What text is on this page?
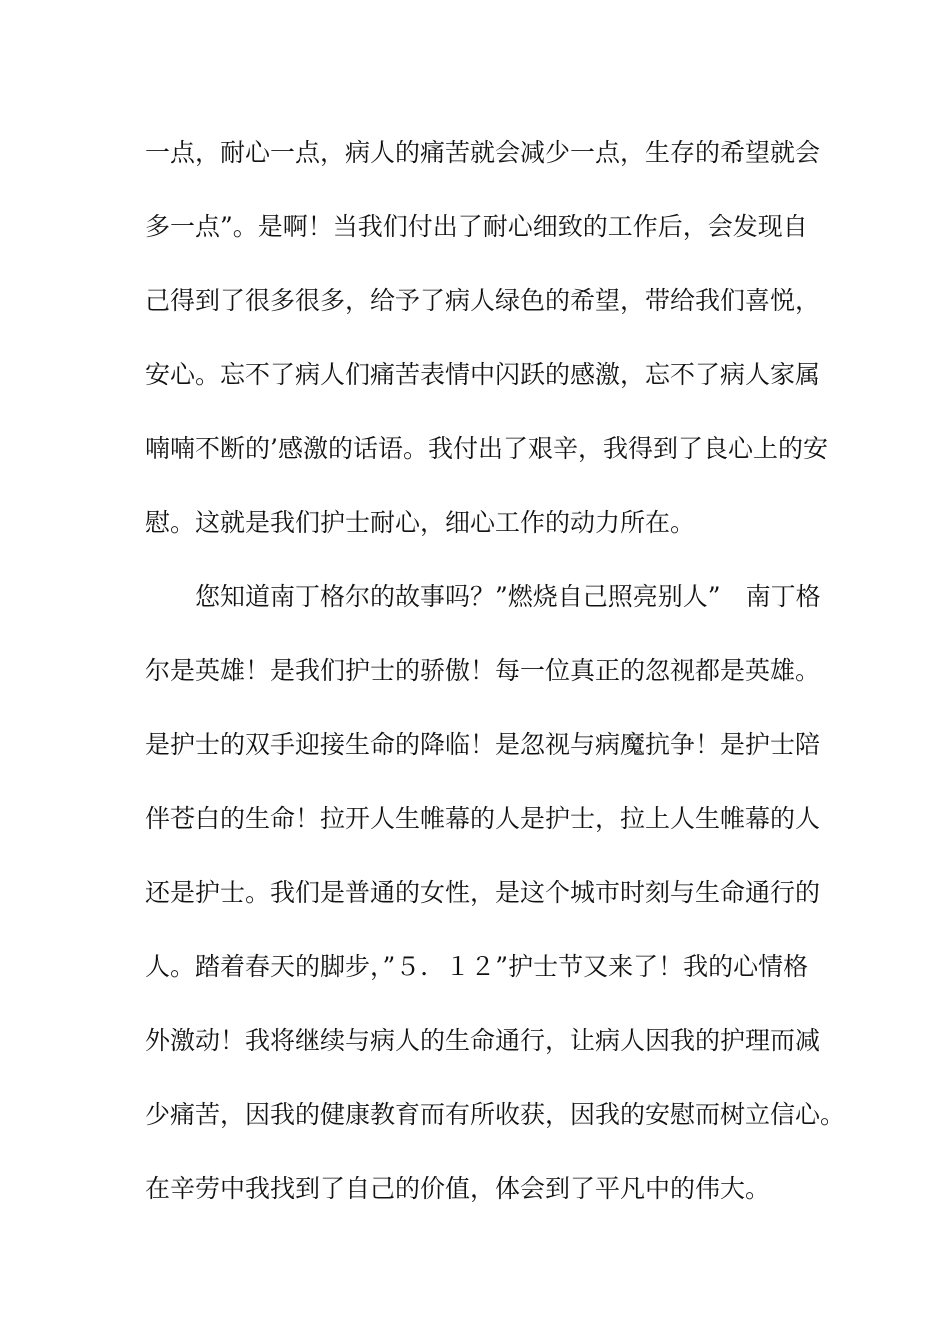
一点，耐心一点，病人的痛苦就会减少一点，生存的希望就会
多一点”。是啊！当我们付出了耐心细致的工作后，会发现自
己得到了很多很多，给予了病人绿色的希望，带给我们喜悦，
安心。忘不了病人们痛苦表情中闪跃的感激，忘不了病人家属
喃喃不断的’感激的话语。我付出了艰辛，我得到了良心上的安
慰。这就是我们护士耐心，细心工作的动力所在。
您知道南丁格尔的故事吗？”燃烧自己照亮别人”　南丁格
尔是英雄！是我们护士的骄傲！每一位真正的忽视都是英雄。
是护士的双手迎接生命的降临！是忽视与病魔抗争！是护士陪
伴苍白的生命！拉开人生帷幕的人是护士，拉上人生帷幕的人
还是护士。我们是普通的女性，是这个城市时刻与生命通行的
人。踏着春天的脚步，”５．１２”护士节又来了！我的心情格
外激动！我将继续与病人的生命通行，让病人因我的护理而减
少痛苦，因我的健康教育而有所收获，因我的安慰而树立信心。
在辛劳中我找到了自己的价值，体会到了平凡中的伟大。
